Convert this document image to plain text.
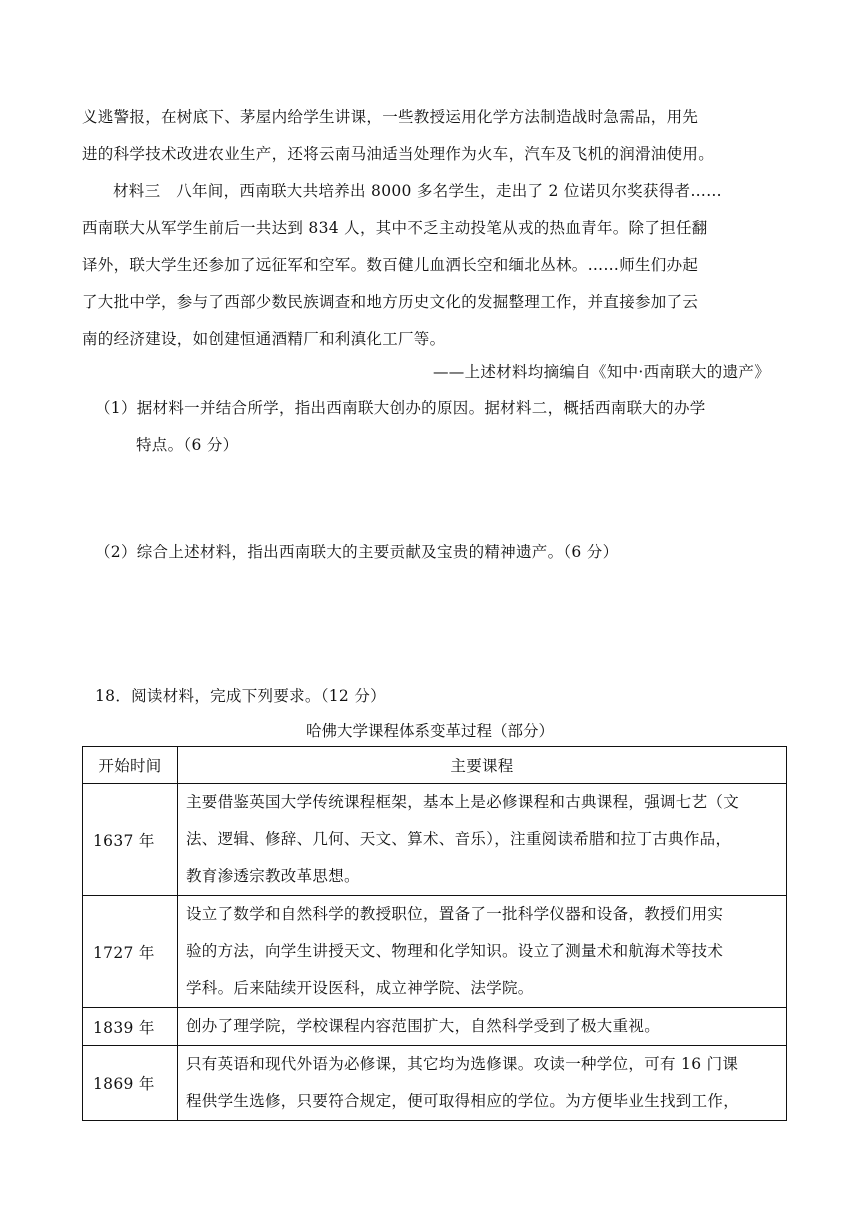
义逃警报，在树底下、茅屋内给学生讲课，一些教授运用化学方法制造战时急需品，用先
进的科学技术改进农业生产，还将云南马油适当处理作为火车，汽车及飞机的润滑油使用。
材料三　八年间，西南联大共培养出 8000 多名学生，走出了 2 位诺贝尔奖获得者……
西南联大从军学生前后一共达到 834 人，其中不乏主动投笔从戎的热血青年。除了担任翻
译外，联大学生还参加了远征军和空军。数百健儿血洒长空和缅北丛林。……师生们办起
了大批中学，参与了西部少数民族调查和地方历史文化的发掘整理工作，并直接参加了云
南的经济建设，如创建恒通酒精厂和利滇化工厂等。
——上述材料均摘编自《知中·西南联大的遗产》
（1）据材料一并结合所学，指出西南联大创办的原因。据材料二，概括西南联大的办学
特点。（6 分）
（2）综合上述材料，指出西南联大的主要贡献及宝贵的精神遗产。（6 分）
18．阅读材料，完成下列要求。（12 分）
哈佛大学课程体系变革过程（部分）
开始时间	主要课程
1637 年	主要借鉴英国大学传统课程框架，基本上是必修课程和古典课程，强调七艺（文
法、逻辑、修辞、几何、天文、算术、音乐），注重阅读希腊和拉丁古典作品，
教育渗透宗教改革思想。

1727 年	设立了数学和自然科学的教授职位，置备了一批科学仪器和设备，教授们用实
验的方法，向学生讲授天文、物理和化学知识。设立了测量术和航海术等技术
学科。后来陆续开设医科，成立神学院、法学院。

1839 年	创办了理学院，学校课程内容范围扩大，自然科学受到了极大重视。

1869 年	只有英语和现代外语为必修课，其它均为选修课。攻读一种学位，可有 16 门课
程供学生选修，只要符合规定，便可取得相应的学位。为方便毕业生找到工作，
